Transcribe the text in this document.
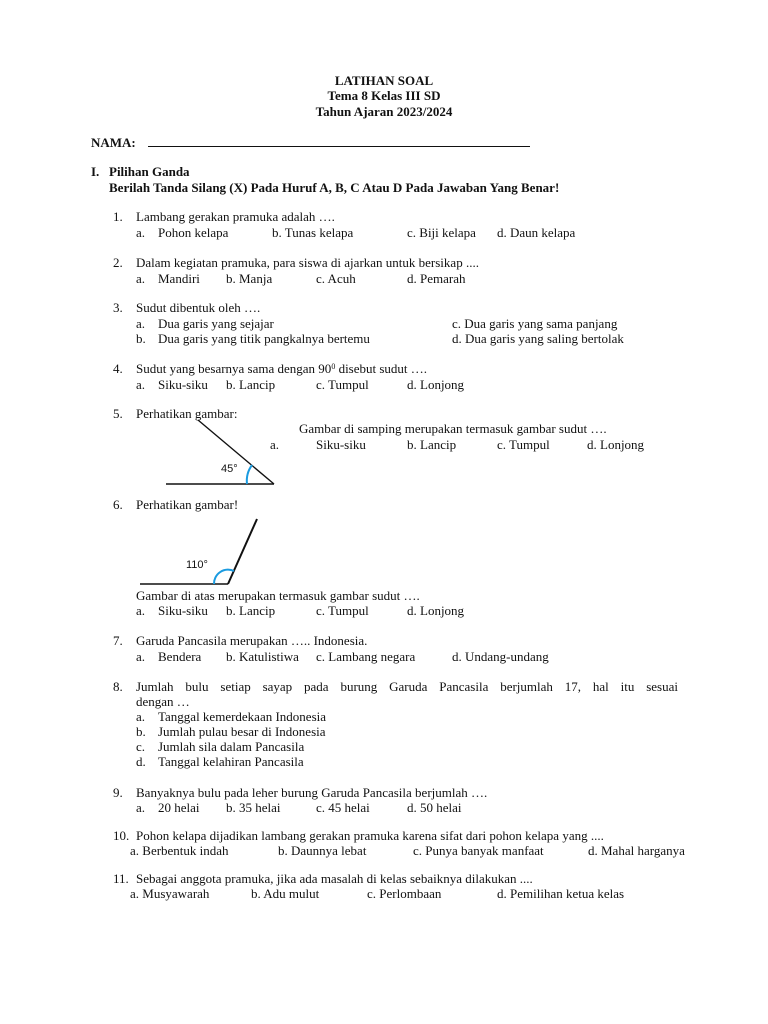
LATIHAN SOAL
Tema 8 Kelas III SD
Tahun Ajaran 2023/2024
NAMA:
I. Pilihan Ganda
Berilah Tanda Silang (X) Pada Huruf A, B, C Atau D Pada Jawaban Yang Benar!
1. Lambang gerakan pramuka adalah ….
a. Pohon kelapa	b. Tunas kelapa	c. Biji kelapa d. Daun kelapa
2. Dalam kegiatan pramuka, para siswa di ajarkan untuk bersikap ....
a. Mandiri b. Manja	c. Acuh	d. Pemarah
3. Sudut dibentuk oleh ….
a. Dua garis yang sejajar	c. Dua garis yang sama panjang
b. Dua garis yang titik pangkalnya bertemu	d. Dua garis yang saling bertolak
4. Sudut yang besarnya sama dengan $90^0$ disebut sudut ….
a. Siku-siku b. Lancip	c. Tumpul	d. Lonjong
5. Perhatikan gambar:
45°
Gambar di samping merupakan termasuk gambar sudut ….
a.	Siku-siku	b. Lancip	c. Tumpul	d. Lonjong
6. Perhatikan gambar!
110°
Gambar di atas merupakan termasuk gambar sudut ….
a. Siku-siku b. Lancip	c. Tumpul	d. Lonjong
7. Garuda Pancasila merupakan ….. Indonesia.
a. Bendera b. Katulistiwa c. Lambang negara	d. Undang-undang
8. Jumlah bulu setiap sayap pada burung Garuda Pancasila berjumlah 17, hal itu sesuai
dengan …
a. Tanggal kemerdekaan Indonesia
b. Jumlah pulau besar di Indonesia
c. Jumlah sila dalam Pancasila
d. Tanggal kelahiran Pancasila
9. Banyaknya bulu pada leher burung Garuda Pancasila berjumlah ….
a. 20 helai b. 35 helai	c. 45 helai	d. 50 helai
10. Pohon kelapa dijadikan lambang gerakan pramuka karena sifat dari pohon kelapa yang ....
a. Berbentuk indah	b. Daunnya lebat	c. Punya banyak manfaat	d. Mahal harganya
11. Sebagai anggota pramuka, jika ada masalah di kelas sebaiknya dilakukan ....
a. Musyawarah	b. Adu mulut	c. Perlombaan	d. Pemilihan ketua kelas
